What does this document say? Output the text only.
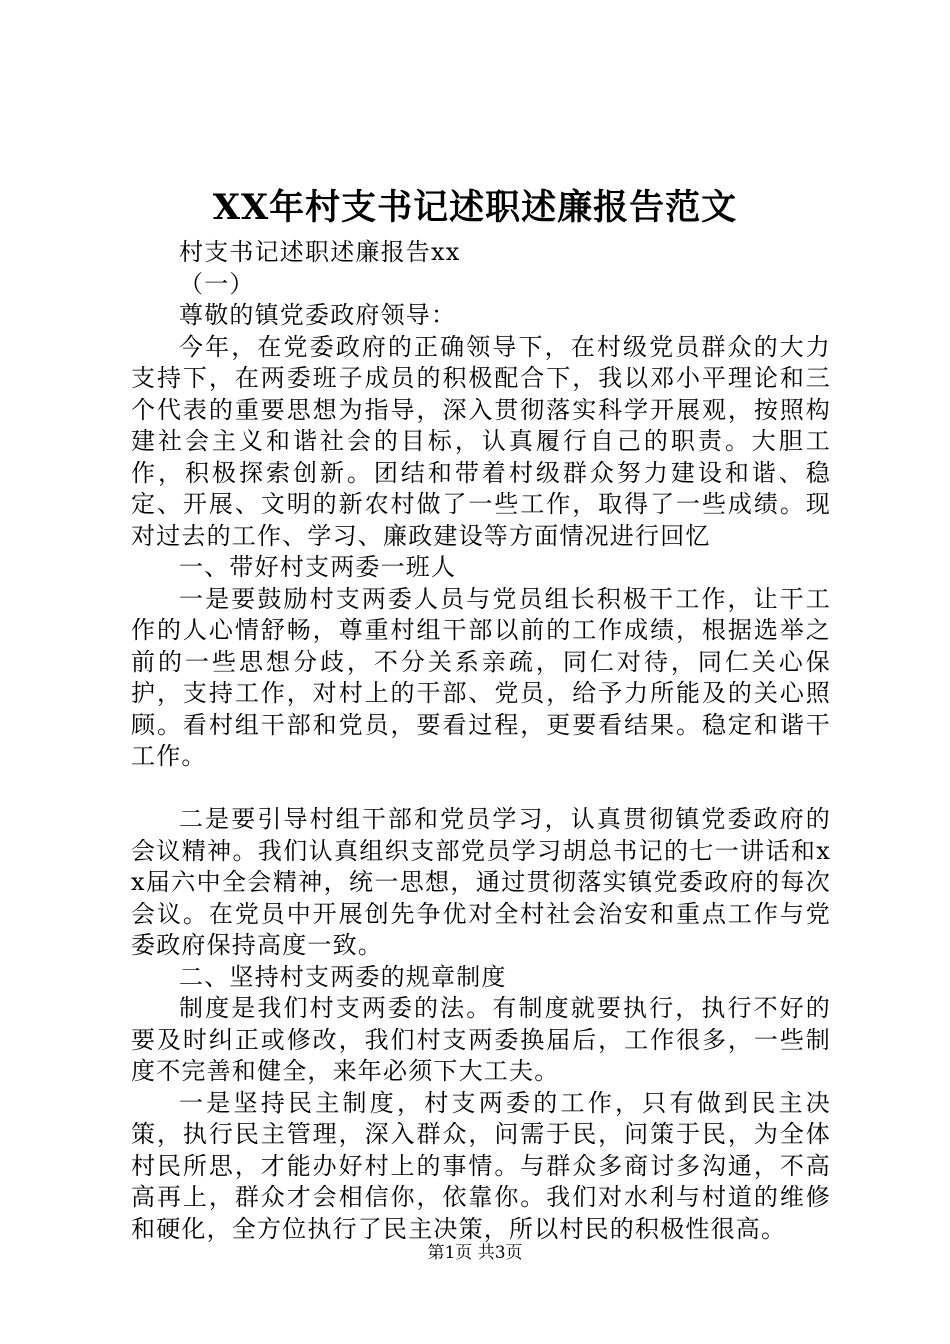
XX年村支书记述职述廉报告范文

村支书记述职述廉报告xx

（一）

尊敬的镇党委政府领导：

今年，在党委政府的正确领导下，在村级党员群众的大力支持下，在两委班子成员的积极配合下，我以邓小平理论和三个代表的重要思想为指导，深入贯彻落实科学开展观，按照构建社会主义和谐社会的目标，认真履行自己的职责。大胆工作，积极探索创新。团结和带着村级群众努力建设和谐、稳定、开展、文明的新农村做了一些工作，取得了一些成绩。现对过去的工作、学习、廉政建设等方面情况进行回忆

一、带好村支两委一班人

一是要鼓励村支两委人员与党员组长积极干工作，让干工作的人心情舒畅，尊重村组干部以前的工作成绩，根据选举之前的一些思想分歧，不分关系亲疏，同仁对待，同仁关心保护，支持工作，对村上的干部、党员，给予力所能及的关心照顾。看村组干部和党员，要看过程，更要看结果。稳定和谐干工作。

二是要引导村组干部和党员学习，认真贯彻镇党委政府的会议精神。我们认真组织支部党员学习胡总书记的七一讲话和xx届六中全会精神，统一思想，通过贯彻落实镇党委政府的每次会议。在党员中开展创先争优对全村社会治安和重点工作与党委政府保持高度一致。

二、坚持村支两委的规章制度

制度是我们村支两委的法。有制度就要执行，执行不好的要及时纠正或修改，我们村支两委换届后，工作很多，一些制度不完善和健全，来年必须下大工夫。

一是坚持民主制度，村支两委的工作，只有做到民主决策，执行民主管理，深入群众，问需于民，问策于民，为全体村民所思，才能办好村上的事情。与群众多商讨多沟通，不高高再上，群众才会相信你，依靠你。我们对水利与村道的维修和硬化，全方位执行了民主决策，所以村民的积极性很高。

第1页 共3页
